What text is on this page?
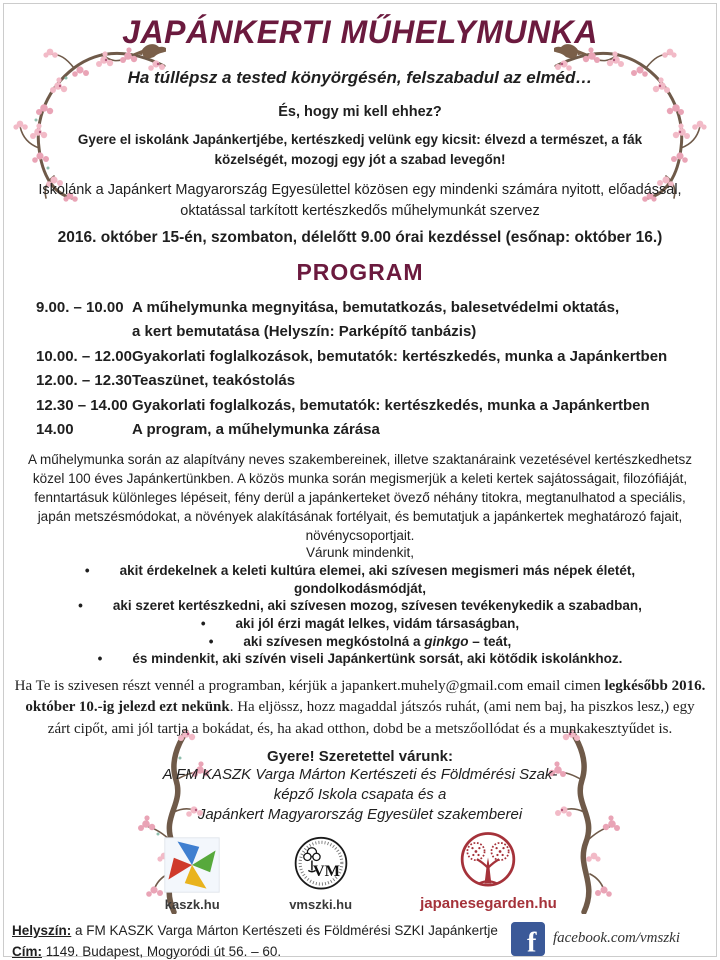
JAPÁNKERTI MŰHELYMUNKA
Ha túllépsz a tested könyörgésén, felszabadul az elméd…
És, hogy mi kell ehhez?

Gyere el iskolánk Japánkertjébe, kertészkedj velünk egy kicsit: élvezd a természet, a fák közelségét, mozogj egy jót a szabad levegőn!

Iskolánk a Japánkert Magyarország Egyesülettel közösen egy mindenki számára nyitott, előadással, oktatással tarkított kertészkedős műhelymunkát szervez

2016. október 15-én, szombaton, délelőtt 9.00 órai kezdéssel (esőnap: október 16.)
PROGRAM
9.00. – 10.00 A műhelymunka megnyitása, bemutatkozás, balesetvédelmi oktatás,
a kert bemutatása (Helyszín: Parképítő tanbázis)
10.00. – 12.00 Gyakorlati foglalkozások, bemutatók: kertészkedés, munka a Japánkertben
12.00. – 12.30 Teaszünet, teakóstolás
12.30 – 14.00 Gyakorlati foglalkozás, bemutatók: kertészkedés, munka a Japánkertben
14.00	A program, a műhelymunka zárása

A műhelymunka során az alapítvány neves szakembereinek, illetve szaktanáraink vezetésével kertészkedhetsz közel 100 éves Japánkertünkben. A közös munka során megismerjük a keleti kertek sajátosságait, filozófiáját, fenntartásuk különleges lépéseit, fény derül a japánkerteket övező néhány titokra, megtanulhatod a speciális, japán metszésmódokat, a növények alakításának fortélyait, és bemutatjuk a japánkertek meghatározó fajait, növénycsoportjait.

Várunk mindenkit,
• akit érdekelnek a keleti kultúra elemei, aki szívesen megismeri más népek életét,
gondolkodásmódját,
• aki szeret kertészkedni, aki szívesen mozog, szívesen tevékenykedik a szabadban,
• aki jól érzi magát lelkes, vidám társaságban,
• aki szívesen megkóstolná a ginkgo – teát,
• és mindenkit, aki szívén viseli Japánkertünk sorsát, aki kötődik iskolánkhoz.

Ha Te is szivesen részt vennél a programban, kérjük a japankert.muhely@gmail.com email cimen legkésőbb 2016. október 10.-ig jelezd ezt nekünk. Ha eljössz, hozz magaddal játszós ruhát, (ami nem baj, ha piszkos lesz,) egy zárt cipőt, ami jól tartja a bokádat, és, ha akad otthon, dobd be a metszőollódat és a munkakesztyűdet is.

Gyere! Szeretettel várunk:
A FM KASZK Varga Márton Kertészeti és Földmérési Szak-
képző Iskola csapata és a
Japánkert Magyarország Egyesület szakemberei
kaszk.hu
VM
vmszki.hu	japanesegarden.hu
Helyszín: a FM KASZK Varga Márton Kertészeti és Földmérési SZKI Japánkertje
Cím: 1149. Budapest, Mogyoródi út 56. – 60.	f facebook.com/vmszki
